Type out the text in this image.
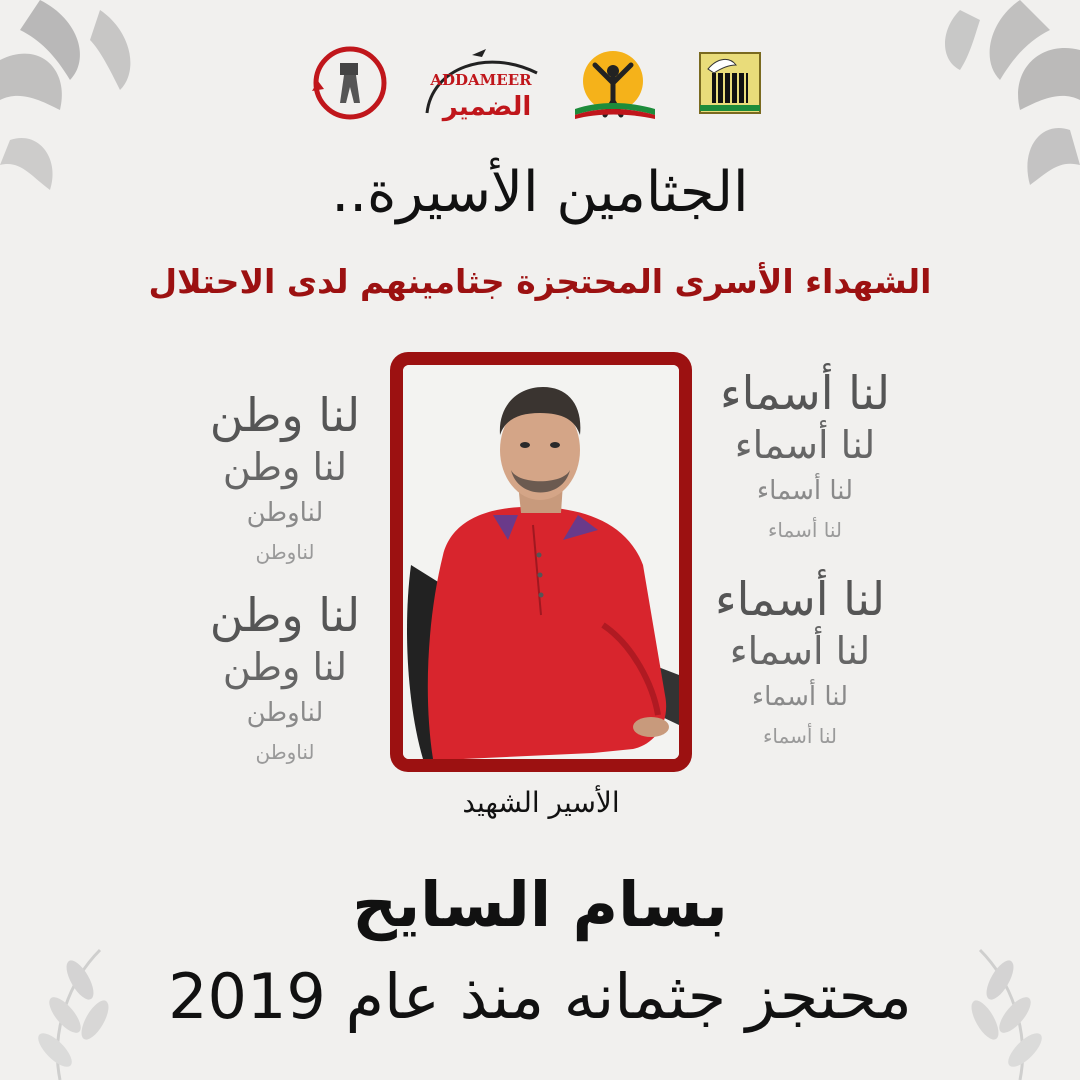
ADDAMEER
الضمير
الجثامين الأسيرة..
الشهداء الأسرى المحتجزة جثامينهم لدى الاحتلال
لنا وطن
لنا وطن
لناوطن
لناوطن
لنا وطن
لنا وطن
لناوطن
لناوطن
لنا أسماء
لنا أسماء
لنا أسماء
لنا أسماء
لنا أسماء
لنا أسماء
لنا أسماء
لنا أسماء
الأسير الشهيد
بسام السايح
محتجز جثمانه منذ عام 2019
